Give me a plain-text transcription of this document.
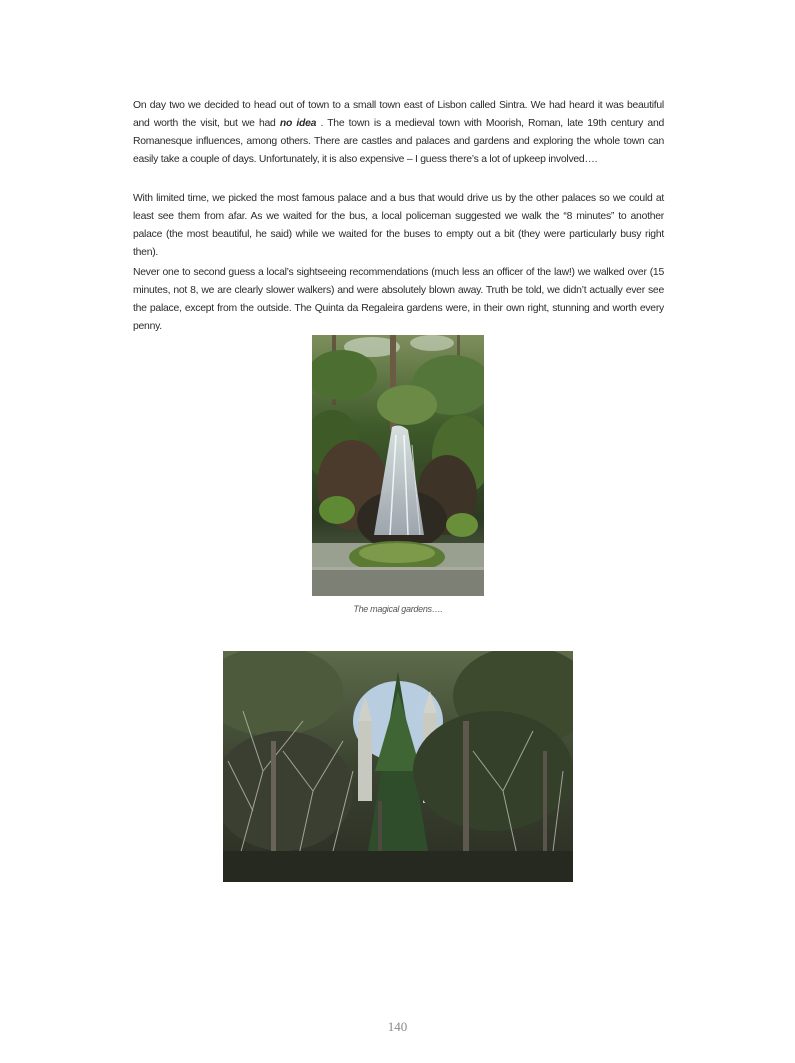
On day two we decided to head out of town to a small town east of Lisbon called Sintra. We had heard it was beautiful and worth the visit, but we had no idea . The town is a medieval town with Moorish, Roman, late 19th century and Romanesque influences, among others. There are castles and palaces and gardens and exploring the whole town can easily take a couple of days. Unfortunately, it is also expensive – I guess there’s a lot of upkeep involved….

With limited time, we picked the most famous palace and a bus that would drive us by the other palaces so we could at least see them from afar. As we waited for the bus, a local policeman suggested we walk the “8 minutes” to another palace (the most beautiful, he said) while we waited for the buses to empty out a bit (they were particularly busy right then).

Never one to second guess a local’s sightseeing recommendations (much less an officer of the law!) we walked over (15 minutes, not 8, we are clearly slower walkers) and were absolutely blown away. Truth be told, we didn’t actually ever see the palace, except from the outside. The Quinta da Regaleira gardens were, in their own right, stunning and worth every penny.

The magical gardens….
140
